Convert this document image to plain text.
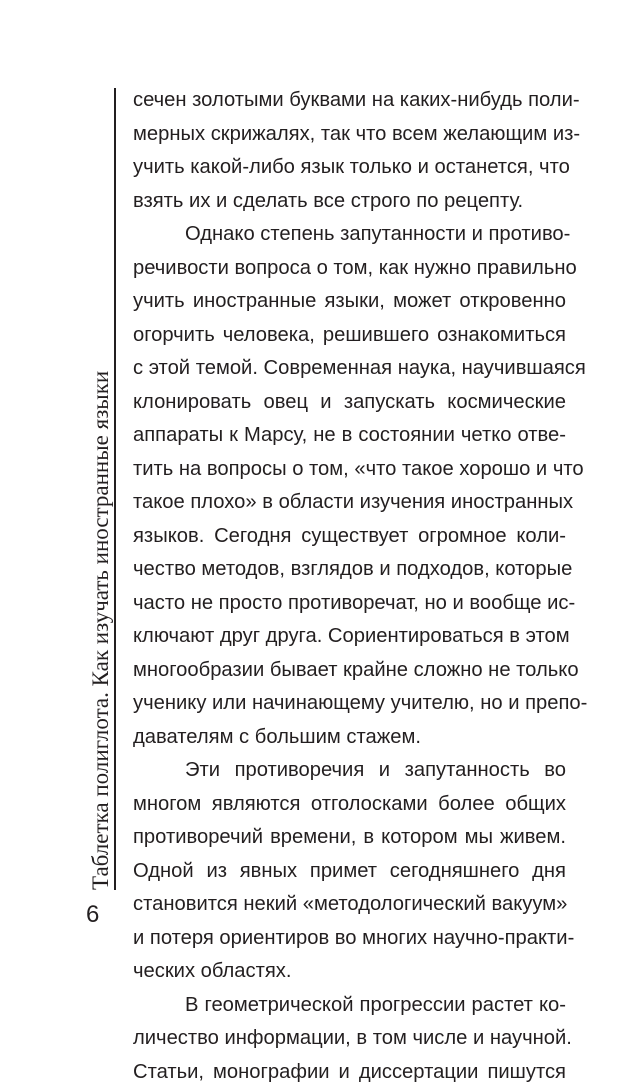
Таблетка полиглота. Как изучать иностранные языки
сечен золотыми буквами на каких-нибудь поли-
мерных скрижалях, так что всем желающим из-
учить какой-либо язык только и останется, что
взять их и сделать все строго по рецепту.
Однако степень запутанности и противо-
речивости вопроса о том, как нужно правильно
учить иностранные языки, может откровенно
огорчить человека, решившего ознакомиться
с этой темой. Современная наука, научившаяся
клонировать овец и запускать космические
аппараты к Марсу, не в состоянии четко отве-
тить на вопросы о том, «что такое хорошо и что
такое плохо» в области изучения иностранных
языков. Сегодня существует огромное коли-
чество методов, взглядов и подходов, которые
часто не просто противоречат, но и вообще ис-
ключают друг друга. Сориентироваться в этом
многообразии бывает крайне сложно не только
ученику или начинающему учителю, но и препо-
давателям с большим стажем.
Эти противоречия и запутанность во
многом являются отголосками более общих
противоречий времени, в котором мы живем.
Одной из явных примет сегодняшнего дня
становится некий «методологический вакуум»
и потеря ориентиров во многих научно-практи-
ческих областях.
В геометрической прогрессии растет ко-
личество информации, в том числе и научной.
Статьи, монографии и диссертации пишутся
6
